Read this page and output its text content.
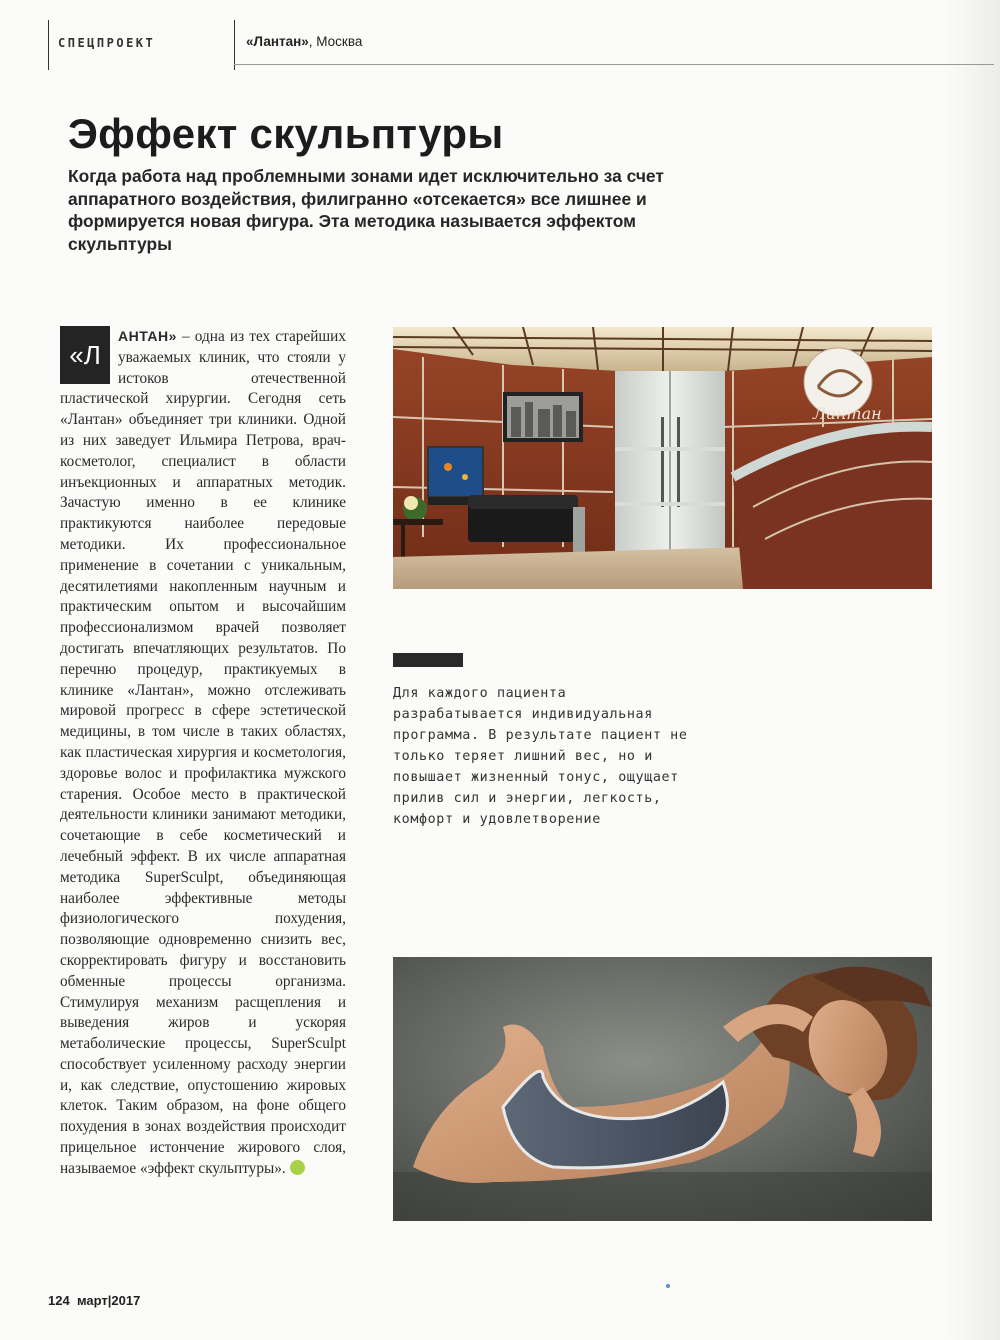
СПЕЦПРОЕКТ	«Лантан», Москва
Эффект скульптуры

Когда работа над проблемными зонами идет исключительно за счет аппаратного воздействия, филигранно «отсекается» все лишнее и формируется новая фигура. Эта методика называется эффектом скульптуры

«Л
АНТАН» – одна из тех старейших уважаемых клиник, что стояли у истоков отечественной пластической хирургии. Сегодня сеть «Лантан» объединяет три клиники. Одной из них заведует Ильмира Петрова, врач-косметолог, специалист в области инъекционных и аппаратных методик. Зачастую именно в ее клинике практикуются наиболее передовые методики. Их профессиональное применение в сочетании с уникальным, десятилетиями накопленным научным и практическим опытом и высочайшим профессионализмом врачей позволяет достигать впечатляющих результатов. По перечню процедур, практикуемых в клинике «Лантан», можно отслеживать мировой прогресс в сфере эстетической медицины, в том числе в таких областях, как пластическая хирургия и косметология, здоровье волос и профилактика мужского старения. Особое место в практической деятельности клиники занимают методики, сочетающие в себе косметический и лечебный эффект. В их числе аппаратная методика SuperSculpt, объединяющая наиболее эффективные методы физиологического похудения, позволяющие одновременно снизить вес, скорректировать фигуру и восстановить обменные процессы организма. Стимулируя механизм расщепления и выведения жиров и ускоряя метаболические процессы, SuperSculpt способствует усиленному расходу энергии и, как следствие, опустошению жировых клеток. Таким образом, на фоне общего похудения в зонах воздействия происходит прицельное истончение жирового слоя, называемое «эффект скульптуры».

Лантан

Для каждого пациента разрабатывается индивидуальная программа. В результате пациент не только теряет лишний вес, но и повышает жизненный тонус, ощущает прилив сил и энергии, легкость, комфорт и удовлетворение

124 март|2017
